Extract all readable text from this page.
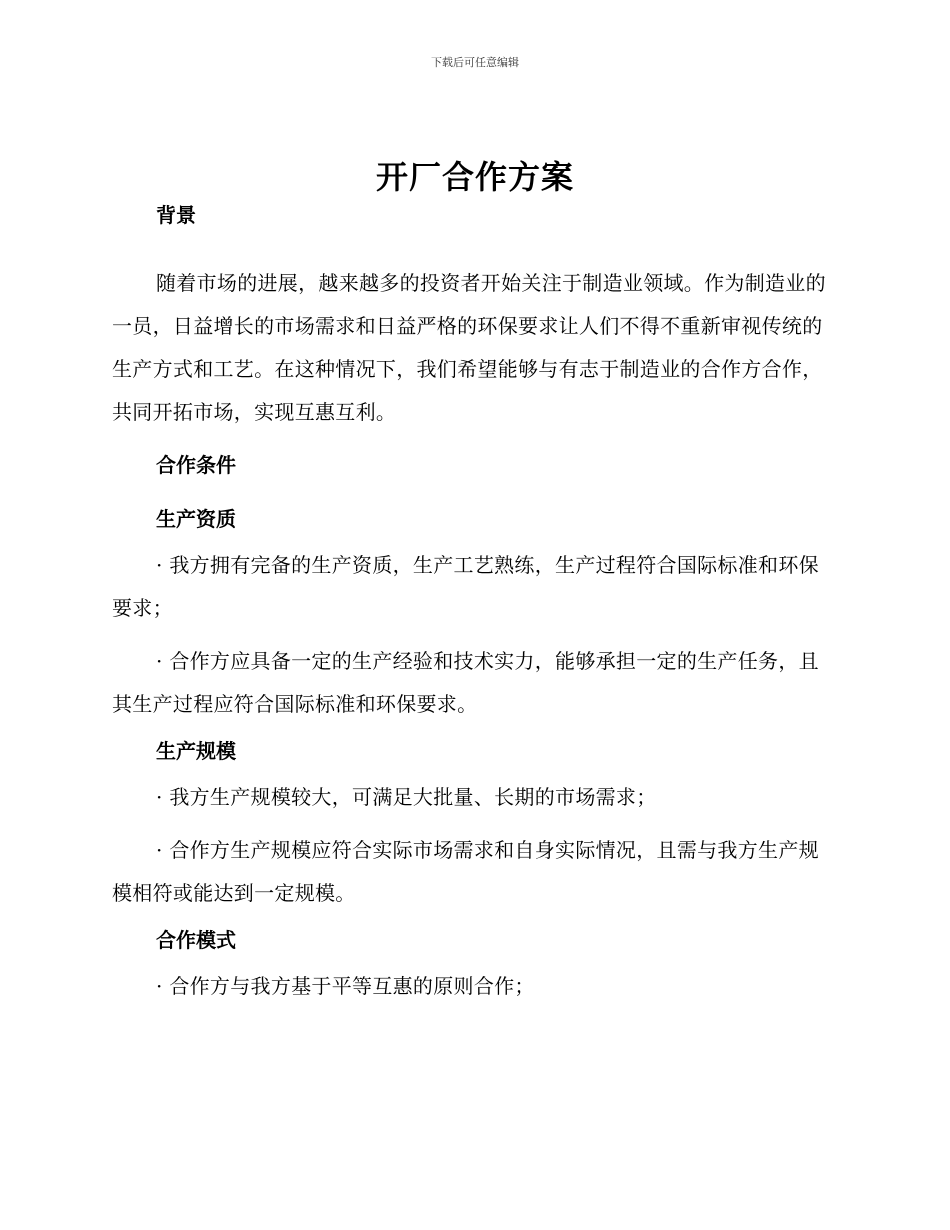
下载后可任意编辑
开厂合作方案
背景

随着市场的进展，越来越多的投资者开始关注于制造业领域。作为制造业的一员，日益增长的市场需求和日益严格的环保要求让人们不得不重新审视传统的生产方式和工艺。在这种情况下，我们希望能够与有志于制造业的合作方合作，共同开拓市场，实现互惠互利。

合作条件
生产资质

· 我方拥有完备的生产资质，生产工艺熟练，生产过程符合国际标准和环保要求；

· 合作方应具备一定的生产经验和技术实力，能够承担一定的生产任务，且其生产过程应符合国际标准和环保要求。

生产规模

· 我方生产规模较大，可满足大批量、长期的市场需求；

· 合作方生产规模应符合实际市场需求和自身实际情况，且需与我方生产规模相符或能达到一定规模。

合作模式

· 合作方与我方基于平等互惠的原则合作；
